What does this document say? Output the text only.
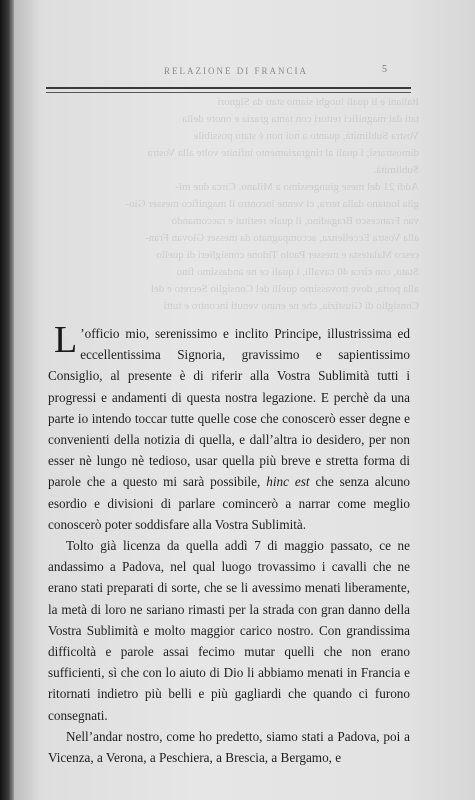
RELAZIONE DI FRANCIA	5
Italiani e li quali luoghi siamo stati da Signori
tati dai magnifici rettori con tanta grazia e onore della
Vostra Sublimità, quanto a noi non è stato possibile
dimostrarsi; i quali al ringraziamento infinite volte alla Vostra
Sublimità.
Addì 21 del mese giungessimo a Milano. Circa due mi-
glia lontano dalla terra, ci venne incontro il magnifico messer Gio-
van Francesco Bragadino, il quale restituì e raccomandò
alla Vostra Eccellenza, accompagnato da messer Giovan Fran-
cesco Malatesta e messer Paolo Tidone consiglieri di quello
Stato, con circa 40 cavalli, i quali ce ne andassimo fino
alla porta, dove trovassimo quelli del Consiglio Secreto e del
Consiglio di Giustizia, che ne erano venuti incontro e tutti

L ’officio mio, serenissimo e inclito Principe, illustrissima ed eccellentissima Signoria, gravissimo e sapientissimo Consiglio, al presente è di riferir alla Vostra Sublimità tutti i progressi e andamenti di questa nostra legazione. E perchè da una parte io intendo toccar tutte quelle cose che conoscerò esser degne e convenienti della notizia di quella, e dall’altra io desidero, per non esser nè lungo nè tedioso, usar quella più breve e stretta forma di parole che a questo mi sarà possibile, hinc est che senza alcuno esordio e divisioni di parlare comincerò a narrar come meglio conoscerò poter soddisfare alla Vostra Sublimità.

Tolto già licenza da quella addì 7 di maggio passato, ce ne andassimo a Padova, nel qual luogo trovassimo i cavalli che ne erano stati preparati di sorte, che se li avessimo menati liberamente, la metà di loro ne sariano rimasti per la strada con gran danno della Vostra Sublimità e molto maggior carico nostro. Con grandissima difficoltà e parole assai fecimo mutar quelli che non erano sufficienti, sì che con lo aiuto di Dio li abbiamo menati in Francia e ritornati indietro più belli e più gagliardi che quando ci furono consegnati.

Nell’andar nostro, come ho predetto, siamo stati a Padova, poi a Vicenza, a Verona, a Peschiera, a Brescia, a Bergamo, e
